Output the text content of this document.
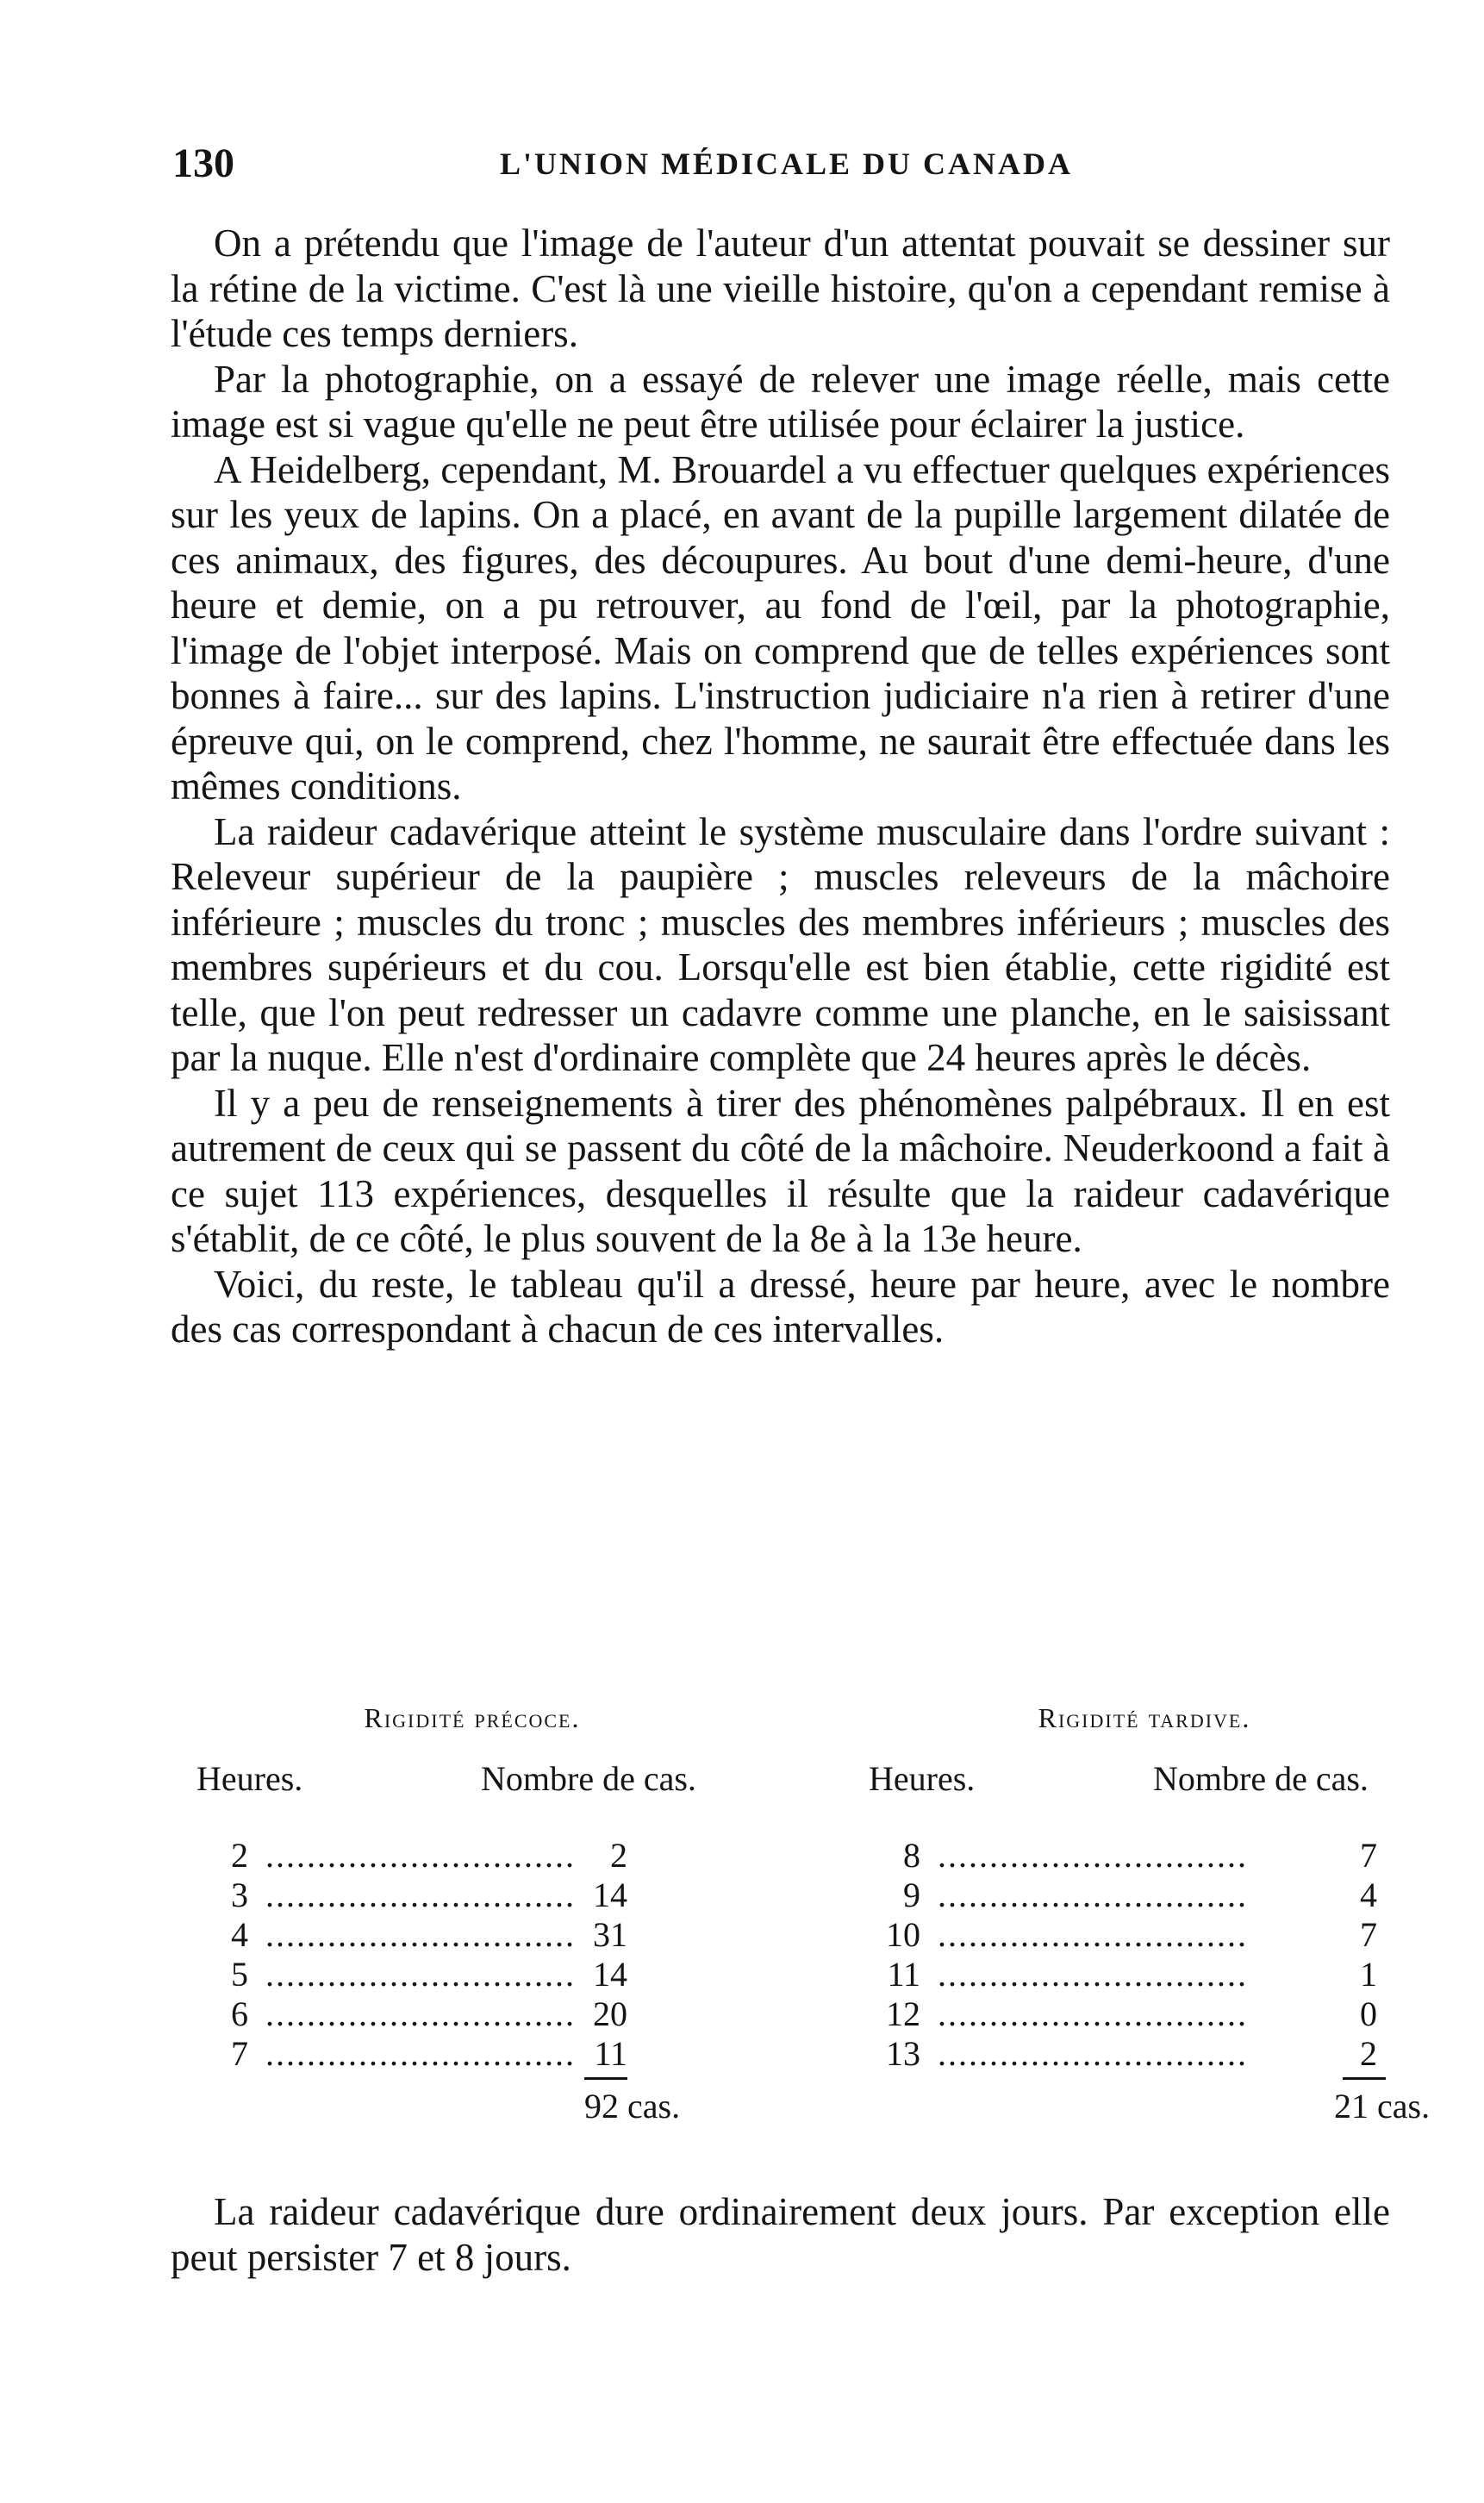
130	L'UNION MÉDICALE DU CANADA

On a prétendu que l'image de l'auteur d'un attentat pouvait se dessiner sur la rétine de la victime. C'est là une vieille histoire, qu'on a cependant remise à l'étude ces temps derniers.

Par la photographie, on a essayé de relever une image réelle, mais cette image est si vague qu'elle ne peut être utilisée pour éclairer la justice.

A Heidelberg, cependant, M. Brouardel a vu effectuer quelques expériences sur les yeux de lapins. On a placé, en avant de la pupille largement dilatée de ces animaux, des figures, des découpures. Au bout d'une demi-heure, d'une heure et demie, on a pu retrouver, au fond de l'œil, par la photographie, l'image de l'objet interposé. Mais on comprend que de telles expériences sont bonnes à faire... sur des lapins. L'instruction judiciaire n'a rien à retirer d'une épreuve qui, on le comprend, chez l'homme, ne saurait être effectuée dans les mêmes conditions.

La raideur cadavérique atteint le système musculaire dans l'ordre suivant : Releveur supérieur de la paupière ; muscles releveurs de la mâchoire inférieure ; muscles du tronc ; muscles des membres inférieurs ; muscles des membres supérieurs et du cou. Lorsqu'elle est bien établie, cette rigidité est telle, que l'on peut redresser un cadavre comme une planche, en le saisissant par la nuque. Elle n'est d'ordinaire complète que 24 heures après le décès.

Il y a peu de renseignements à tirer des phénomènes palpébraux. Il en est autrement de ceux qui se passent du côté de la mâchoire. Neuderkoond a fait à ce sujet 113 expériences, desquelles il résulte que la raideur cadavérique s'établit, de ce côté, le plus souvent de la 8e à la 13e heure.

Voici, du reste, le tableau qu'il a dressé, heure par heure, avec le nombre des cas correspondant à chacun de ces intervalles.

Rigidité précoce.
Heures.	Nombre de cas.
2 ..............................	2
3 .............................. 14
4 .............................. 31
5 .............................. 14
6 .............................. 20
7 .............................. 11
92 cas.
Rigidité tardive.
Heures.	Nombre de cas.
8 ..............................	7
9 ..............................	4
10 ..............................	7
11 ..............................	1
12 ..............................	0
13 ..............................	2
21 cas.

La raideur cadavérique dure ordinairement deux jours. Par exception elle peut persister 7 et 8 jours.
